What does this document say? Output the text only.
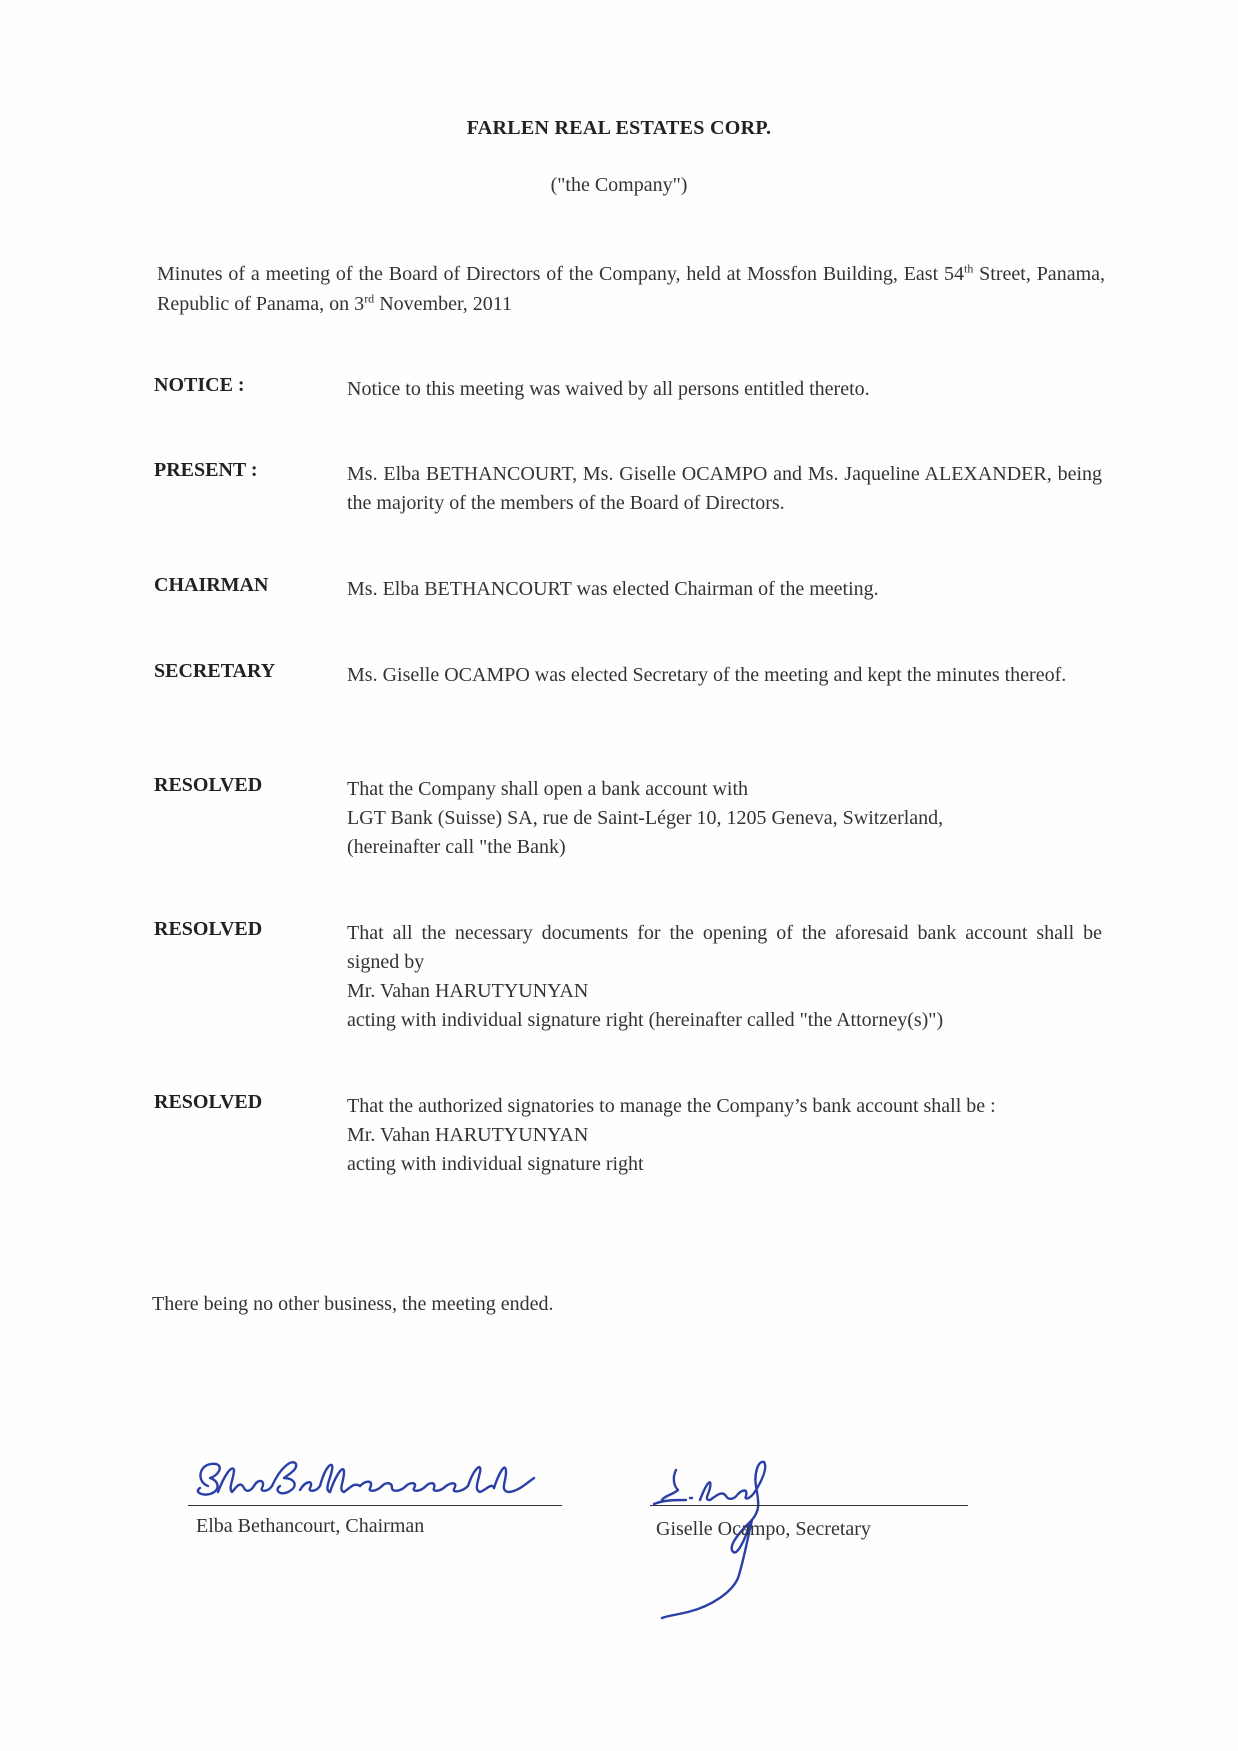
FARLEN REAL ESTATES CORP.
("the Company")
Minutes of a meeting of the Board of Directors of the Company, held at Mossfon Building, East 54th Street, Panama, Republic of Panama, on 3rd November, 2011
NOTICE :	Notice to this meeting was waived by all persons entitled thereto.
PRESENT :	Ms. Elba BETHANCOURT, Ms. Giselle OCAMPO and Ms. Jaqueline ALEXANDER, being the majority of the members of the Board of Directors.
CHAIRMAN	Ms. Elba BETHANCOURT was elected Chairman of the meeting.
SECRETARY	Ms. Giselle OCAMPO was elected Secretary of the meeting and kept the minutes thereof.
RESOLVED	That the Company shall open a bank account with
LGT Bank (Suisse) SA, rue de Saint-Léger 10, 1205 Geneva, Switzerland,
(hereinafter call "the Bank)
RESOLVED	That all the necessary documents for the opening of the aforesaid bank account shall be signed by
Mr. Vahan HARUTYUNYAN
acting with individual signature right (hereinafter called "the Attorney(s)")
RESOLVED	That the authorized signatories to manage the Company’s bank account shall be :
Mr. Vahan HARUTYUNYAN
acting with individual signature right
There being no other business, the meeting ended.
Elba Bethancourt, Chairman	Giselle Ocampo, Secretary
